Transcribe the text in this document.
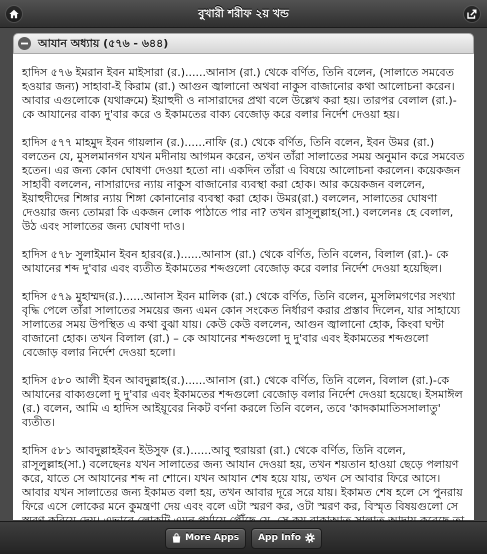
বুখারী শরীফ ২য় খন্ড
আযান অধ্যায় (৫৭৬ - ৬৪৪)

হাদিস ৫৭৬ ইমরান ইবন মাইসারা (র.)......আনাস (রা.) থেকে বর্ণিত, তিনি বলেন, (সালাতে সমবেত হওয়ার জন্য) সাহাবা-ই কিরাম (রা.) আগুন জ্বালানো অথবা নাকুস বাজানোর কথা আলোচনা করেন। আবার এগুলোকে (যথাক্রমে) ইয়াহুদী ও নাসারাদের প্রথা বলে উল্লেখ করা হয়। তারপর বেলাল (রা.)- কে আযানের বাক্য দু'বার করে ও ইকামতের বাক্য বেজোড় করে বলার নির্দেশ দেওয়া হয়।

হাদিস ৫৭৭ মাহমুদ ইবন গায়লান (র.)......নাফি (র.) থেকে বর্ণিত, তিনি বলেন, ইবন উমর (রা.) বলতেন যে, মুসলমানগন যখন মদীনায় আগমন করেন, তখন তাঁরা সালাতের সময় অনুমান করে সমবেত হতেন। এর জন্য কোন ঘোষণা দেওয়া হতো না। একদিন তাঁরা এ বিষয়ে আলোচনা করলেন। কয়েকজন সাহাবী বললেন, নাসারাদের ন্যায় নাকুস বাজানোর ব্যবস্থা করা হোক। আর কয়েকজন বললেন, ইয়াহুদীদের শিঙ্গার ন্যায় শিঙ্গা কোনানোর ব্যবস্থা করা হোক। উমর(রা.) বললেন, সালাতের ঘোষণা দেওয়ার জন্য তোমরা কি একজন লোক পাঠাতে পার না? তখন রাসূলুল্লাহ(সা.) বললেনঃ হে বেলাল, উঠ এবং সালাতের জন্য ঘোষণা দাও।

হাদিস ৫৭৮ সুলাইমান ইবন হারব(র.)......আনাস (রা.) থেকে বর্ণিত, তিনি বলেন, বিলাল (রা.)- কে আযানের শব্দ দু'বার এবং ব্যতীত ইকামতের শব্দগুলো বেজোড় করে বলার নির্দেশ দেওয়া হয়েছিল।

হাদিস ৫৭৯ মুহাম্মদ(র.)......আনাস ইবন মালিক (রা.) থেকে বর্ণিত, তিনি বলেন, মুসলিমগণের সংখ্যা বৃদ্ধি পেলে তাঁরা সালাতের সময়ের জন্য এমন কোন সংকেত নির্ধারণ করার প্রস্তাব দিলেন, যার সাহায্যে সালাতের সময় উপস্থিত এ কথা বুঝা যায়। কেউ কেউ বললেন, আগুন জ্বালানো হোক, কিংবা ঘণ্টা বাজানো হোক। তখন বিলাল (রা.) – কে আযানের শব্দগুলো দু দু'বার এবং ইকামতের শব্দগুলো বেজোড় বলার নির্দেশ দেওয়া হলো।

হাদিস ৫৮০ আলী ইবন আবদুল্লাহ(র.)......আনাস (রা.) থেকে বর্ণিত, তিনি বলেন, বিলাল (রা.)-কে আযানের বাক্যগুলো দু দু'বার এবং ইকামতের শব্দগুলো বেজোড় বলার নির্দেশ দেওয়া হয়েছে। ইসমাঈল (র.) বলেন, আমি এ হাদিস আইয়ূবের নিকট বর্ণনা করলে তিনি বলেন, তবে 'কাদকামাতিসসালাতু' ব্যতীত।

হাদিস ৫৮১ আবদুল্লাহইবন ইউসুফ (র.)......আবু হুরায়রা (রা.) থেকে বর্ণিত, তিনি বলেন, রাসূলুল্লাহ(সা.) বলেছেনঃ যখন সালাতের জন্য আযান দেওয়া হয়, তখন শয়তান হাওয়া ছেড়ে পলায়ণ করে, যাতে সে আযানের শব্দ না শোনে। যখন আযান শেষ হয়ে যায়, তখন সে আবার ফিরে আসে। আবার যখন সালাতের জন্য ইকামত বলা হয়, তখন আবার দূরে সরে যায়। ইকামত শেষ হলে সে পুনরায় ফিরে এসে লোকের মনে কুমন্ত্রণা দেয় এবং বলে এটা স্মরণ কর, ওটা স্মরণ কর, বিস্মৃত বিষয়গুলো সে

More Apps App Info
